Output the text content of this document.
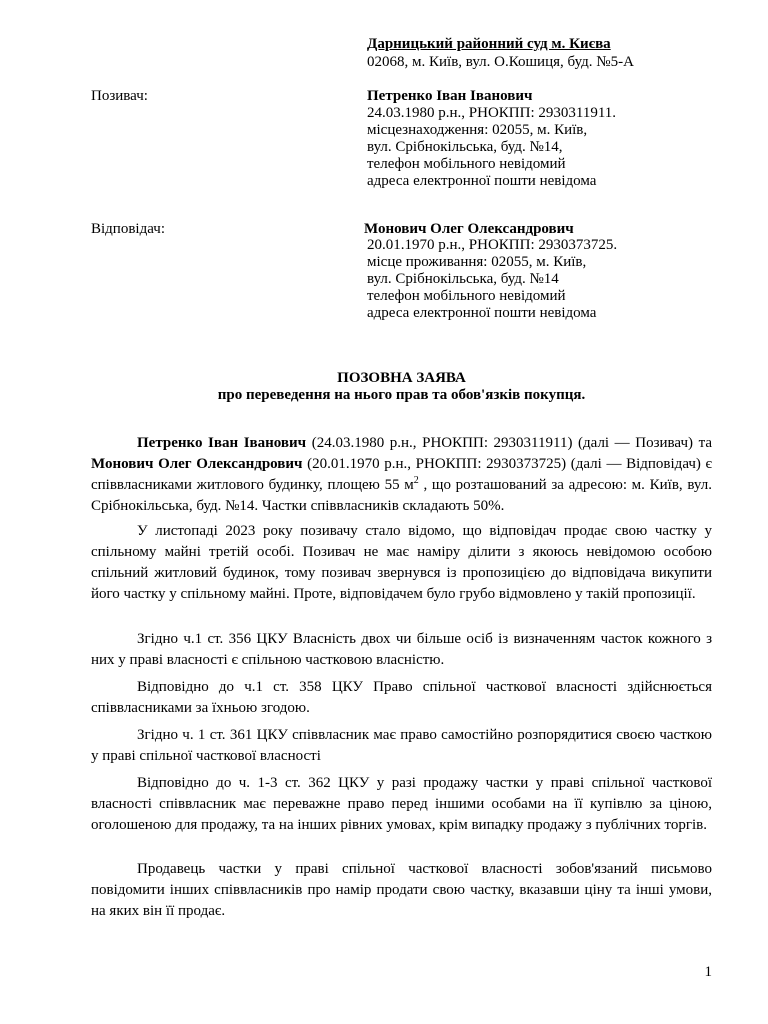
Дарницький районний суд м. Києва
02068, м. Київ, вул. О.Кошиця, буд. №5-А
Позивач:	Петренко Іван Іванович
24.03.1980 р.н., РНОКПП: 2930311911.
місцезнаходження: 02055, м. Київ,
вул. Срібнокільська, буд. №14,
телефон мобільного невідомий
адреса електронної пошти невідома
Відповідач:	Монович Олег Олександрович
20.01.1970 р.н., РНОКПП: 2930373725.
місце проживання: 02055, м. Київ,
вул. Срібнокільська, буд. №14
телефон мобільного невідомий
адреса електронної пошти невідома
ПОЗОВНА ЗАЯВА
про переведення на нього прав та обов'язків покупця.

Петренко Іван Іванович (24.03.1980 р.н., РНОКПП: 2930311911) (далі — Позивач) та Монович Олег Олександрович (20.01.1970 р.н., РНОКПП: 2930373725) (далі — Відповідач) є співвласниками житлового будинку, площею 55 $м^2$ , що розташований за адресою: м. Київ, вул. Срібнокільська, буд. №14. Частки співвласників складають 50%.

У листопаді 2023 року позивачу стало відомо, що відповідач продає свою частку у спільному майні третій особі. Позивач не має наміру ділити з якоюсь невідомою особою спільний житловий будинок, тому позивач звернувся із пропозицією до відповідача викупити його частку у спільному майні. Проте, відповідачем було грубо відмовлено у такій пропозиції.

Згідно ч.1 ст. 356 ЦКУ Власність двох чи більше осіб із визначенням часток кожного з них у праві власності є спільною частковою власністю.

Відповідно до ч.1 ст. 358 ЦКУ Право спільної часткової власності здійснюється співвласниками за їхньою згодою.

Згідно ч. 1 ст. 361 ЦКУ співвласник має право самостійно розпорядитися своєю часткою у праві спільної часткової власності

Відповідно до ч. 1-3 ст. 362 ЦКУ у разі продажу частки у праві спільної часткової власності співвласник має переважне право перед іншими особами на її купівлю за ціною, оголошеною для продажу, та на інших рівних умовах, крім випадку продажу з публічних торгів.

Продавець частки у праві спільної часткової власності зобов'язаний письмово повідомити інших співвласників про намір продати свою частку, вказавши ціну та інші умови, на яких він її продає.

1
